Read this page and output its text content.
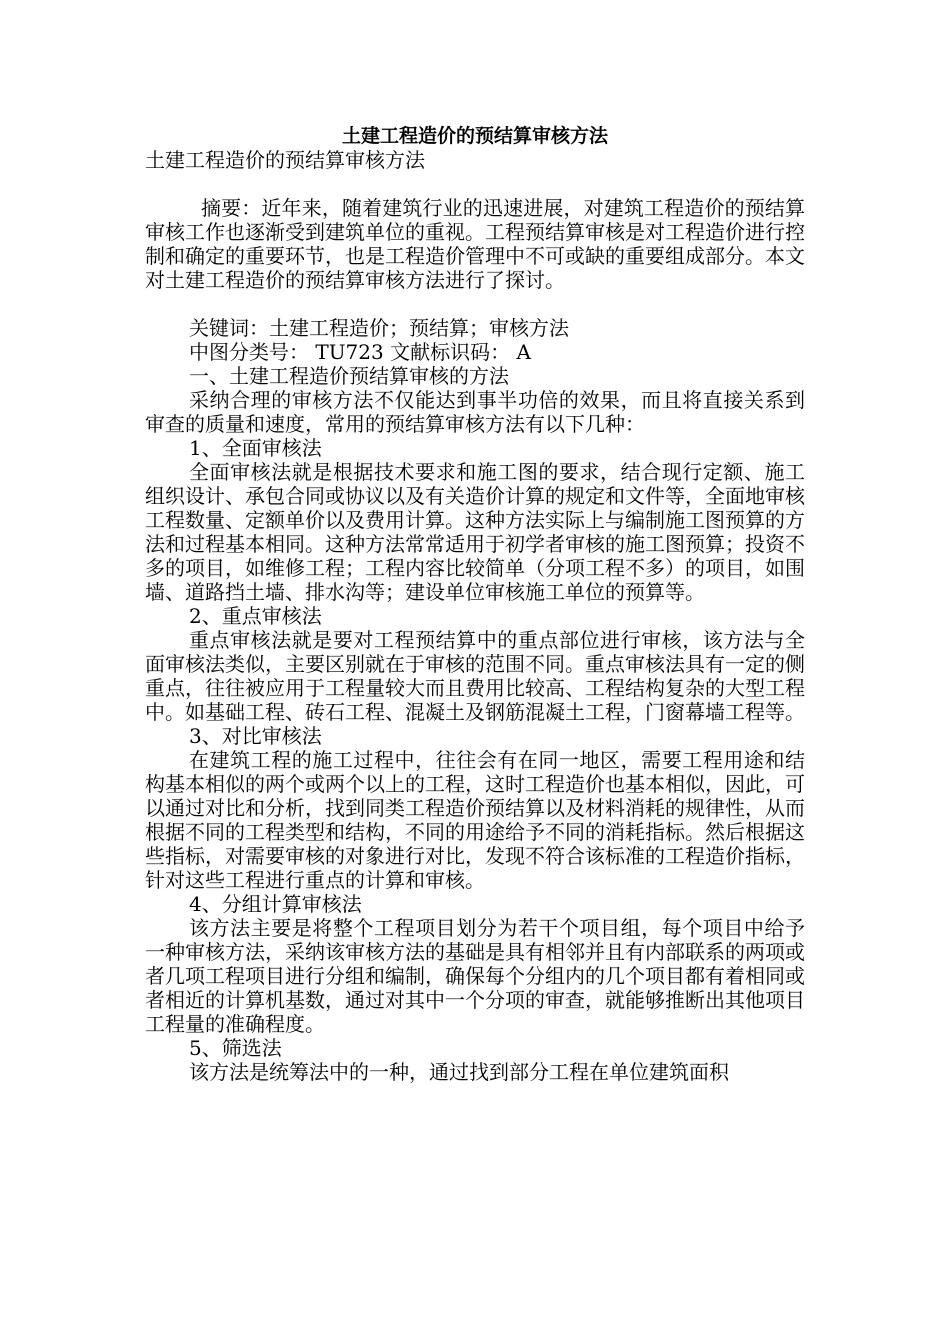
土建工程造价的预结算审核方法

土建工程造价的预结算审核方法

摘要：近年来，随着建筑行业的迅速进展，对建筑工程造价的预结算审核工作也逐渐受到建筑单位的重视。工程预结算审核是对工程造价进行控制和确定的重要环节，也是工程造价管理中不可或缺的重要组成部分。本文对土建工程造价的预结算审核方法进行了探讨。

关键词：土建工程造价；预结算；审核方法

中图分类号： TU723 文献标识码： A

一、土建工程造价预结算审核的方法

采纳合理的审核方法不仅能达到事半功倍的效果，而且将直接关系到审查的质量和速度，常用的预结算审核方法有以下几种：

1、全面审核法

全面审核法就是根据技术要求和施工图的要求，结合现行定额、施工组织设计、承包合同或协议以及有关造价计算的规定和文件等，全面地审核工程数量、定额单价以及费用计算。这种方法实际上与编制施工图预算的方法和过程基本相同。这种方法常常适用于初学者审核的施工图预算；投资不多的项目，如维修工程；工程内容比较简单（分项工程不多）的项目，如围墙、道路挡土墙、排水沟等；建设单位审核施工单位的预算等。

2、重点审核法

重点审核法就是要对工程预结算中的重点部位进行审核，该方法与全面审核法类似，主要区别就在于审核的范围不同。重点审核法具有一定的侧重点，往往被应用于工程量较大而且费用比较高、工程结构复杂的大型工程中。如基础工程、砖石工程、混凝土及钢筋混凝土工程，门窗幕墙工程等。

3、对比审核法

在建筑工程的施工过程中，往往会有在同一地区，需要工程用途和结构基本相似的两个或两个以上的工程，这时工程造价也基本相似，因此，可以通过对比和分析，找到同类工程造价预结算以及材料消耗的规律性，从而根据不同的工程类型和结构，不同的用途给予不同的消耗指标。然后根据这些指标，对需要审核的对象进行对比，发现不符合该标准的工程造价指标，针对这些工程进行重点的计算和审核。

4、分组计算审核法

该方法主要是将整个工程项目划分为若干个项目组，每个项目中给予一种审核方法，采纳该审核方法的基础是具有相邻并且有内部联系的两项或者几项工程项目进行分组和编制，确保每个分组内的几个项目都有着相同或者相近的计算机基数，通过对其中一个分项的审查，就能够推断出其他项目工程量的准确程度。

5、筛选法

该方法是统筹法中的一种，通过找到部分工程在单位建筑面积
